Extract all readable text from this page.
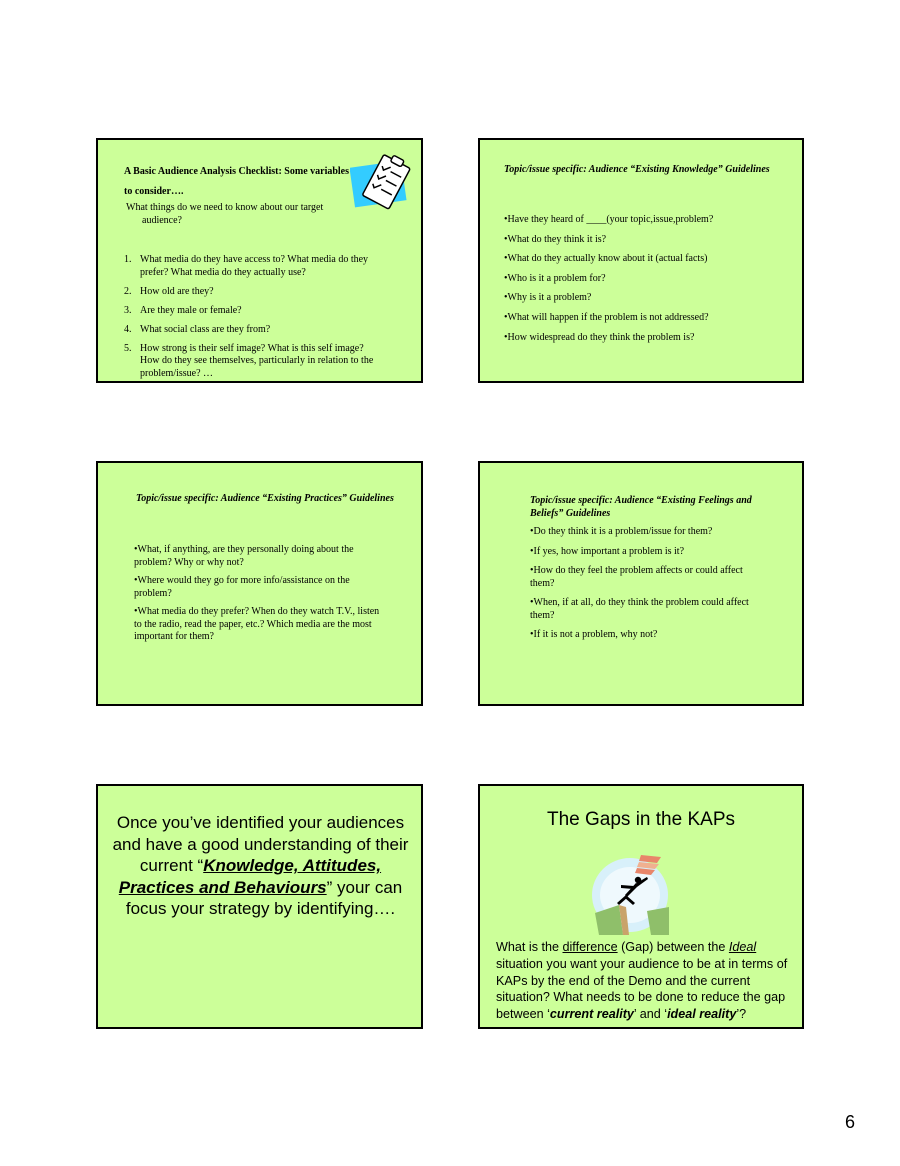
A Basic Audience Analysis Checklist: Some variables to consider….
What things do we need to know about our target
audience?
1. What media do they have access to? What media do they prefer? What media do they actually use?
2. How old are they?
3. Are they male or female?
4. What social class are they from?
5. How strong is their self image? What is this self image? How do they see themselves, particularly in relation to the problem/issue? …
Topic/issue specific: Audience “Existing Knowledge” Guidelines
•Have they heard of ____(your topic,issue,problem?
•What do they think it is?
•What do they actually know about it (actual facts)
•Who is it a problem for?
•Why is it a problem?
•What will happen if the problem is not addressed?
•How widespread do they think the problem is?
Topic/issue specific: Audience “Existing Practices” Guidelines
•What, if anything, are they personally doing about the problem? Why or why not?
•Where would they go for more info/assistance on the problem?
•What media do they prefer? When do they watch T.V., listen to the radio, read the paper, etc.? Which media are the most important for them?
Topic/issue specific: Audience “Existing Feelings and Beliefs” Guidelines
•Do they think it is a problem/issue for them?
•If yes, how important a problem is it?
•How do they feel the problem affects or could affect them?
•When, if at all, do they think the problem could affect them?
•If it is not a problem, why not?
Once you’ve identified your audiences and have a good understanding of their current “Knowledge, Attitudes, Practices and Behaviours” your can focus your strategy by identifying….
The Gaps in the KAPs
What is the difference (Gap) between the Ideal situation you want your audience to be at in terms of KAPs by the end of the Demo and the current situation? What needs to be done to reduce the gap between ‘current reality’ and ‘ideal reality’?
6
